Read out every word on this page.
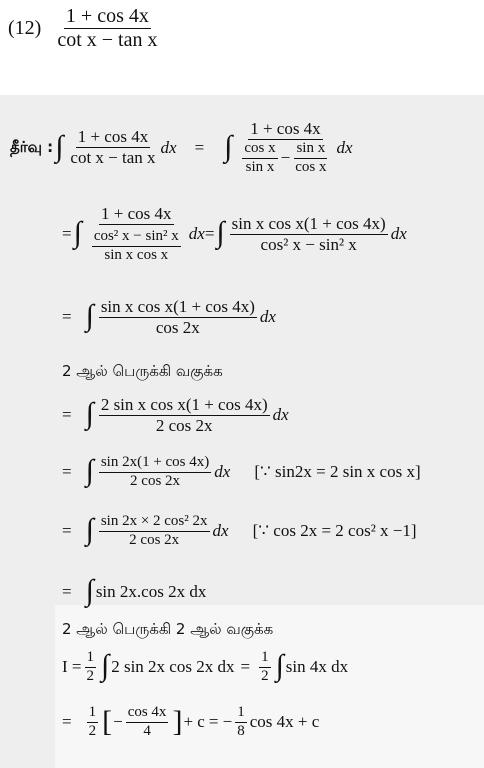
$(12) \frac{1 + \cos 4x}{\text{cot x − tan x}}$
தீர்வு : ∫ $\frac{1 + \cos 4x}{\text{cot x − tan x}}$ dx = ∫
1 + cos 4x
$\frac{\text{cos x}}{\text{sin x}} - \frac{\text{sin x}}{\text{cos x}}$ dx
= ∫ $\frac{1 + \cos 4x}{\frac{\text{cos² x − sin² x}}{\text{sin x cos x}}}$ dx = ∫ $\frac{\text{sin x cos x(1 + cos 4x)}}{\text{cos² x − sin² x}}$ dx
= ∫ $\frac{\text{sin x cos x(1 + cos 4x)}}{\cos 2x}$ dx
2 ஆல் பெருக்கி வகுக்க
= ∫ $\frac{\text{2 sin x cos x(1 + cos 4x)}}{2 \cos 2x}$ dx
= ∫ $\frac{\sin 2x(1 + \cos 4x)}{2 \cos 2x}$ dx [∵ sin2x = 2 sin x cos x]
= ∫ $\frac{\text{sin 2x × 2 cos² 2x}}{2 \cos 2x}$ dx [∵ cos 2x = 2 cos² x −1]
= ∫ sin 2x.cos 2x dx
2 ஆல் பெருக்கி 2 ஆல் வகுக்க
$I = \frac{1}{2}$ ∫ 2 sin 2x cos 2x dx = $\frac{1}{2}$ ∫ sin 4x dx
= $\frac{1}{2}$ [ − $\frac{\cos 4x}{4}$ ] + c = − $\frac{1}{8}$ cos 4x + c
